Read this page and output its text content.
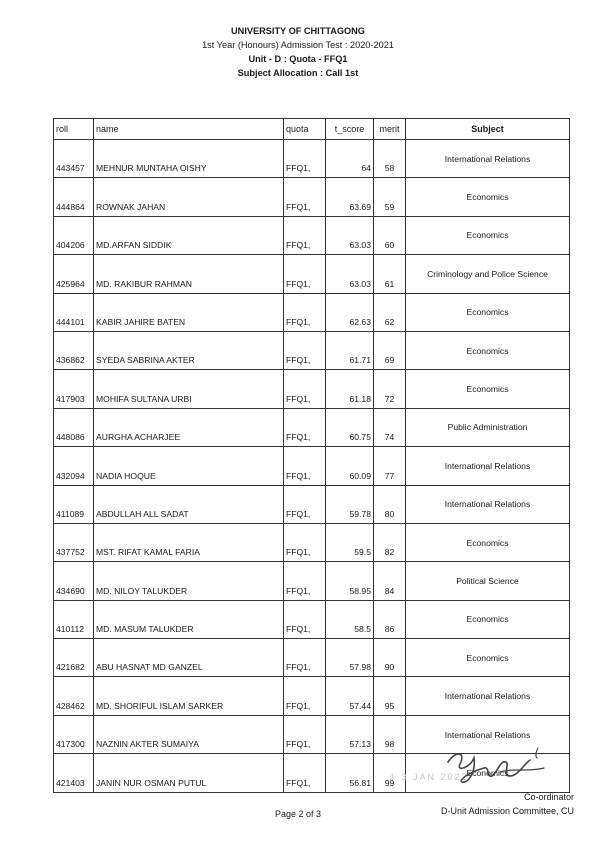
UNIVERSITY OF CHITTAGONG
1st Year (Honours) Admission Test : 2020-2021
Unit - D : Quota - FFQ1
Subject Allocation : Call 1st
roll	name	quota	t_score	merit	Subject
443457	MEHNUR MUNTAHA OISHY	FFQ1,	64	58	International Relations
444864	ROWNAK JAHAN	FFQ1,	63.69	59	Economics
404206	MD.ARFAN SIDDIK	FFQ1,	63.03	60	Economics
425964	MD. RAKIBUR RAHMAN	FFQ1,	63.03	61	Criminology and Police Science
444101	KABIR JAHIRE BATEN	FFQ1,	62.63	62	Economics
436862	SYEDA SABRINA AKTER	FFQ1,	61.71	69	Economics
417903	MOHIFA SULTANA URBI	FFQ1,	61.18	72	Economics
448086	AURGHA ACHARJEE	FFQ1,	60.75	74	Public Administration
432094	NADIA HOQUE	FFQ1,	60.09	77	International Relations
411089	ABDULLAH ALL SADAT	FFQ1,	59.78	80	International Relations
437752	MST. RIFAT KAMAL FARIA	FFQ1,	59.5	82	Economics
434690	MD. NILOY TALUKDER	FFQ1,	58.95	84	Political Science
410112	MD. MASUM TALUKDER	FFQ1,	58.5	86	Economics
421682	ABU HASNAT MD GANZEL	FFQ1,	57.98	90	Economics
428462	MD. SHORIFUL ISLAM SARKER	FFQ1,	57.44	95	International Relations
417300	NAZNIN AKTER SUMAIYA	FFQ1,	57.13	98	International Relations
421403	JANIN NUR OSMAN PUTUL	FFQ1,	56.81	99	Economics
1 3 JAN 2022
Co-ordinator
D-Unit Admission Committee, CU
Page 2 of 3
